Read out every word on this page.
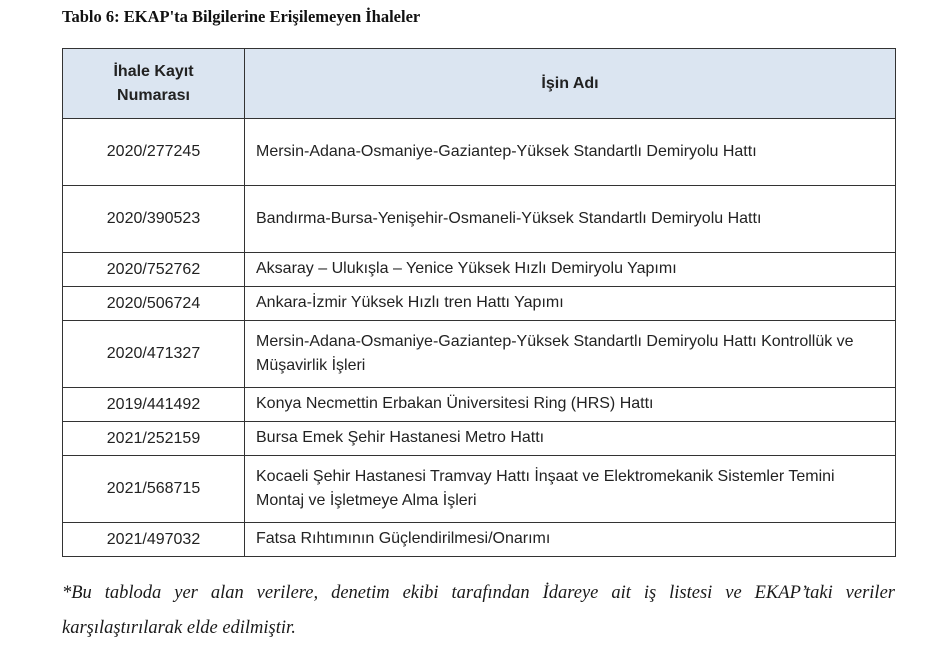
Tablo 6: EKAP'ta Bilgilerine Erişilemeyen İhaleler
İhale Kayıt
Numarası	İşin Adı
2020/277245	Mersin-Adana-Osmaniye-Gaziantep-Yüksek Standartlı Demiryolu Hattı
2020/390523	Bandırma-Bursa-Yenişehir-Osmaneli-Yüksek Standartlı Demiryolu Hattı
2020/752762	Aksaray – Ulukışla – Yenice Yüksek Hızlı Demiryolu Yapımı
2020/506724	Ankara-İzmir Yüksek Hızlı tren Hattı Yapımı
2020/471327	Mersin-Adana-Osmaniye-Gaziantep-Yüksek Standartlı Demiryolu Hattı Kontrollük ve Müşavirlik İşleri
2019/441492	Konya Necmettin Erbakan Üniversitesi Ring (HRS) Hattı
2021/252159	Bursa Emek Şehir Hastanesi Metro Hattı
2021/568715	Kocaeli Şehir Hastanesi Tramvay Hattı İnşaat ve Elektromekanik Sistemler Temini Montaj ve İşletmeye Alma İşleri
2021/497032	Fatsa Rıhtımının Güçlendirilmesi/Onarımı
*Bu tabloda yer alan verilere, denetim ekibi tarafından İdareye ait iş listesi ve EKAP’taki veriler karşılaştırılarak elde edilmiştir.
